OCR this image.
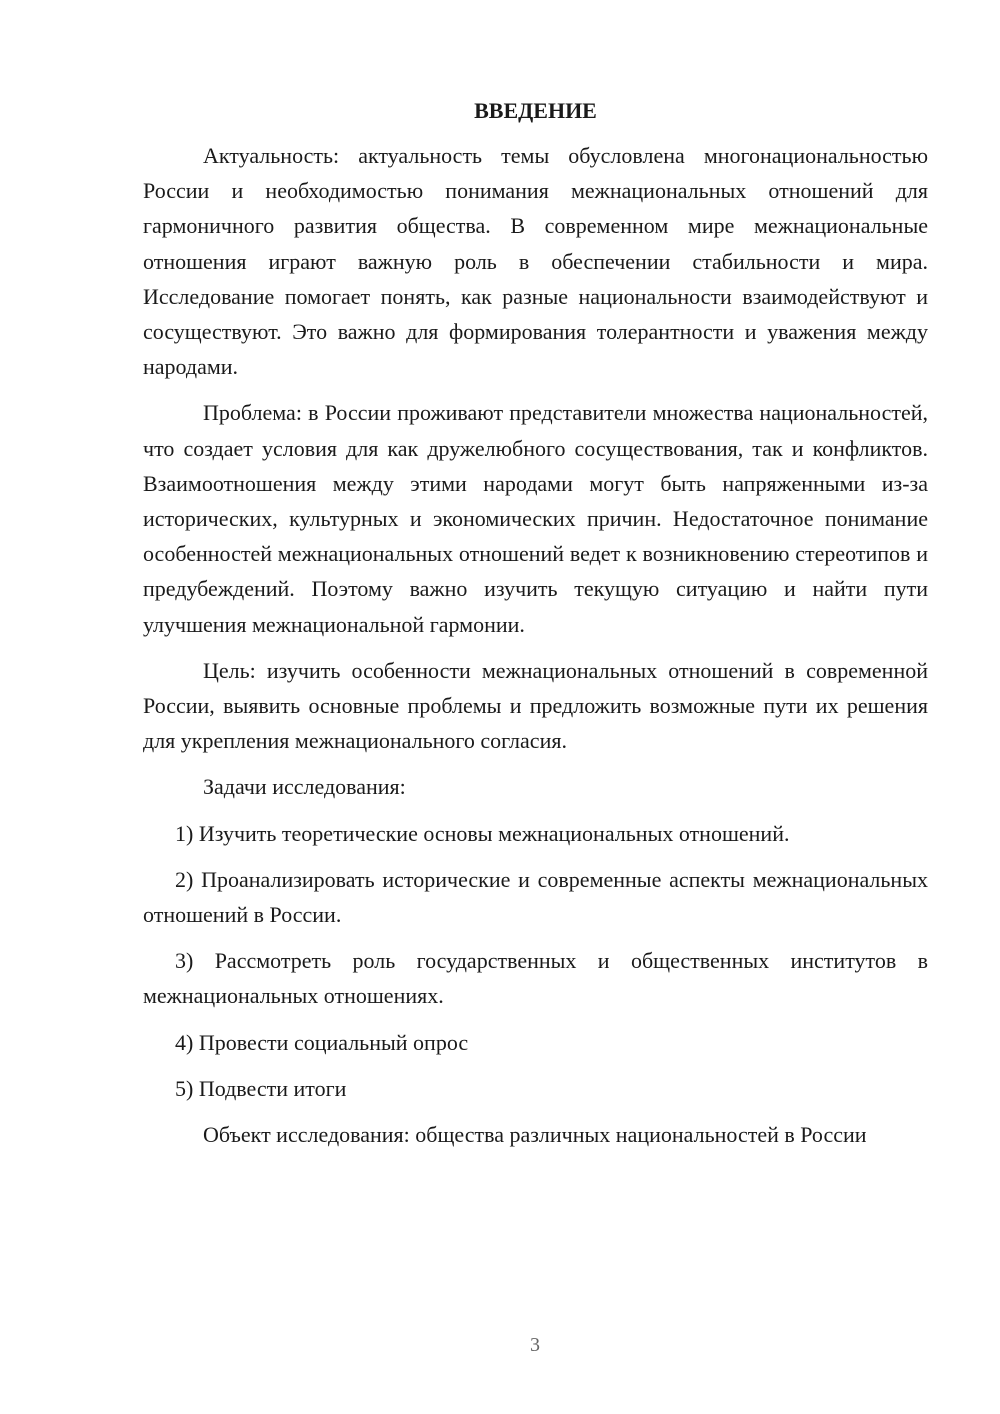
ВВЕДЕНИЕ

Актуальность: актуальность темы обусловлена многонациональностью России и необходимостью понимания межнациональных отношений для гармоничного развития общества. В современном мире межнациональные отношения играют важную роль в обеспечении стабильности и мира. Исследование помогает понять, как разные национальности взаимодействуют и сосуществуют. Это важно для формирования толерантности и уважения между народами.

Проблема: в России проживают представители множества национальностей, что создает условия для как дружелюбного сосуществования, так и конфликтов. Взаимоотношения между этими народами могут быть напряженными из-за исторических, культурных и экономических причин. Недостаточное понимание особенностей межнациональных отношений ведет к возникновению стереотипов и предубеждений. Поэтому важно изучить текущую ситуацию и найти пути улучшения межнациональной гармонии.

Цель: изучить особенности межнациональных отношений в современной России, выявить основные проблемы и предложить возможные пути их решения для укрепления межнационального согласия.

Задачи исследования:

1) Изучить теоретические основы межнациональных отношений.

2) Проанализировать исторические и современные аспекты межнациональных отношений в России.

3) Рассмотреть роль государственных и общественных институтов в межнациональных отношениях.

4) Провести социальный опрос

5) Подвести итоги

Объект исследования: общества различных национальностей в России

3
